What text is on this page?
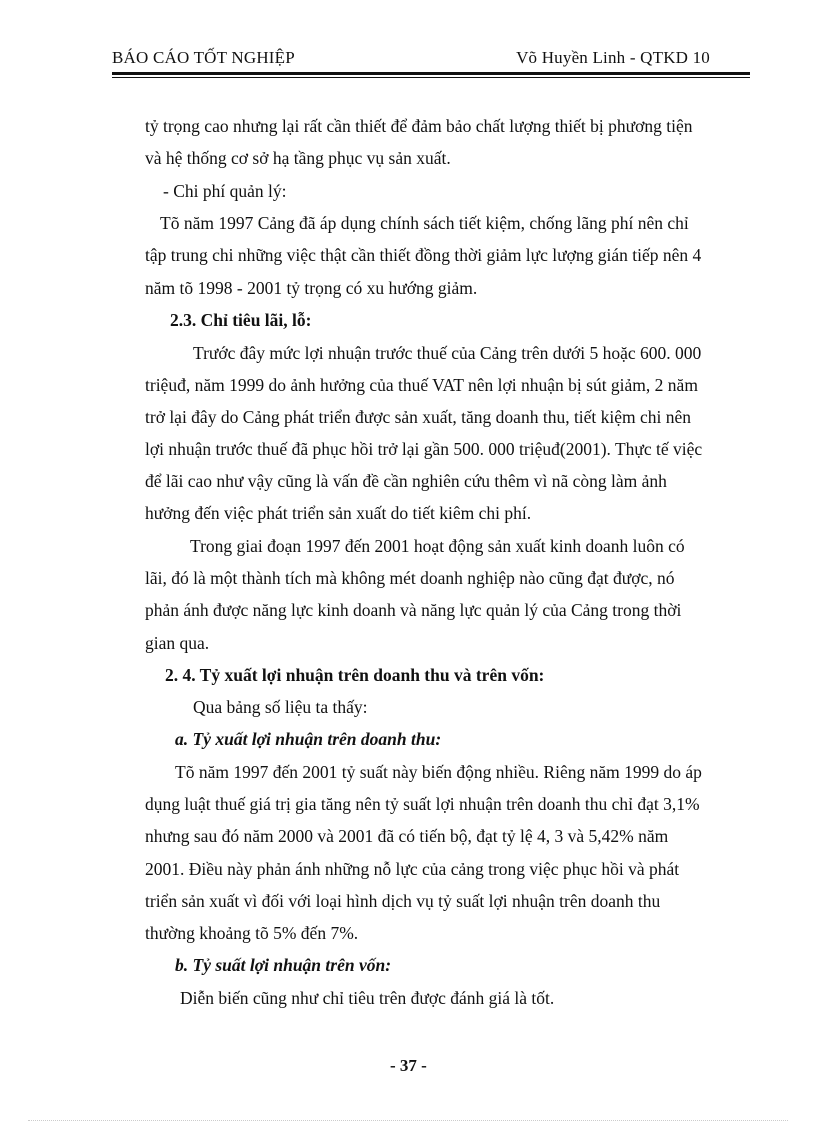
BÁO CÁO TỐT NGHIỆP	Võ Huyền Linh - QTKD 10
tỷ trọng cao nhưng lại rất cần thiết để đảm bảo chất lượng thiết bị phương tiện
và hệ thống cơ sở hạ tầng phục vụ sản xuất.
- Chi phí quản lý:
Tõ năm 1997 Cảng đã áp dụng chính sách tiết kiệm, chống lãng phí nên chỉ
tập trung chi những việc thật cần thiết đồng thời giảm lực lượng gián tiếp nên 4
năm tõ 1998 - 2001 tỷ trọng có xu hướng giảm.
2.3. Chỉ tiêu lãi, lỗ:
Trước đây mức lợi nhuận trước thuế của Cảng trên dưới 5 hoặc 600. 000
triệuđ, năm 1999 do ảnh hưởng của thuế VAT nên lợi nhuận bị sút giảm, 2 năm
trở lại đây do Cảng phát triển được sản xuất, tăng doanh thu, tiết kiệm chi nên
lợi nhuận trước thuế đã phục hồi trở lại gần 500. 000 triệuđ(2001). Thực tế việc
để lãi cao như vậy cũng là vấn đề cần nghiên cứu thêm vì nã còng làm ảnh
hưởng đến việc phát triển sản xuất do tiết kiêm chi phí.
Trong giai đoạn 1997 đến 2001 hoạt động sản xuất kinh doanh luôn có
lãi, đó là một thành tích mà không mét doanh nghiệp nào cũng đạt được, nó
phản ánh được năng lực kinh doanh và năng lực quản lý của Cảng trong thời
gian qua.
2. 4. Tỷ xuất lợi nhuận trên doanh thu và trên vốn:
Qua bảng số liệu ta thấy:
a. Tỷ xuất lợi nhuận trên doanh thu:
Tõ năm 1997 đến 2001 tỷ suất này biến động nhiều. Riêng năm 1999 do áp
dụng luật thuế giá trị gia tăng nên tỷ suất lợi nhuận trên doanh thu chỉ đạt 3,1%
nhưng sau đó năm 2000 và 2001 đã có tiến bộ, đạt tỷ lệ 4, 3 và 5,42% năm
2001. Điều này phản ánh những nỗ lực của cảng trong việc phục hồi và phát
triển sản xuất vì đối với loại hình dịch vụ tỷ suất lợi nhuận trên doanh thu
thường khoảng tõ 5% đến 7%.
b. Tỷ suất lợi nhuận trên vốn:
Diễn biến cũng như chỉ tiêu trên được đánh giá là tốt.
- 37 -
